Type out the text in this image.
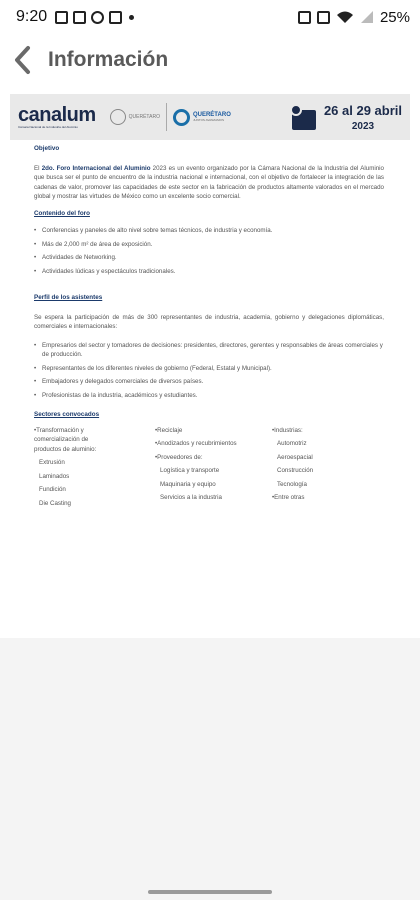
9:20	25%
Información
canalum
Cámara Nacional de la Industria del Aluminio
QUERÉTARO	QUERÉTARO
JUNTOS AVANZAMOS
26 al 29 abril
2023
Objetivo
El 2do. Foro Internacional del Aluminio 2023 es un evento organizado por la Cámara Nacional de la Industria del Aluminio que busca ser el punto de encuentro de la industria nacional e internacional, con el objetivo de fortalecer la integración de las cadenas de valor, promover las capacidades de este sector en la fabricación de productos altamente valorados en el mercado global y mostrar las virtudes de México como un excelente socio comercial.
Contenido del foro
• Conferencias y paneles de alto nivel sobre temas técnicos, de industria y economía.
• Más de 2,000 m² de área de exposición.
• Actividades de Networking.
• Actividades lúdicas y espectáculos tradicionales.
Perfil de los asistentes
Se espera la participación de más de 300 representantes de industria, academia, gobierno y delegaciones diplomáticas, comerciales e internacionales:
• Empresarios del sector y tomadores de decisiones: presidentes, directores, gerentes y responsables de áreas comerciales y de producción.
• Representantes de los diferentes niveles de gobierno (Federal, Estatal y Municipal).
• Embajadores y delegados comerciales de diversos países.
• Profesionistas de la industria, académicos y estudiantes.
Sectores convocados
•Transformación y comercialización de productos de aluminio:
Extrusión
Laminados
Fundición
Die Casting
•Reciclaje
•Anodizados y recubrimientos
•Proveedores de:
Logística y transporte
Maquinaria y equipo
Servicios a la industria
•Industrias:
Automotriz
Aeroespacial
Construcción
Tecnología
•Entre otras
